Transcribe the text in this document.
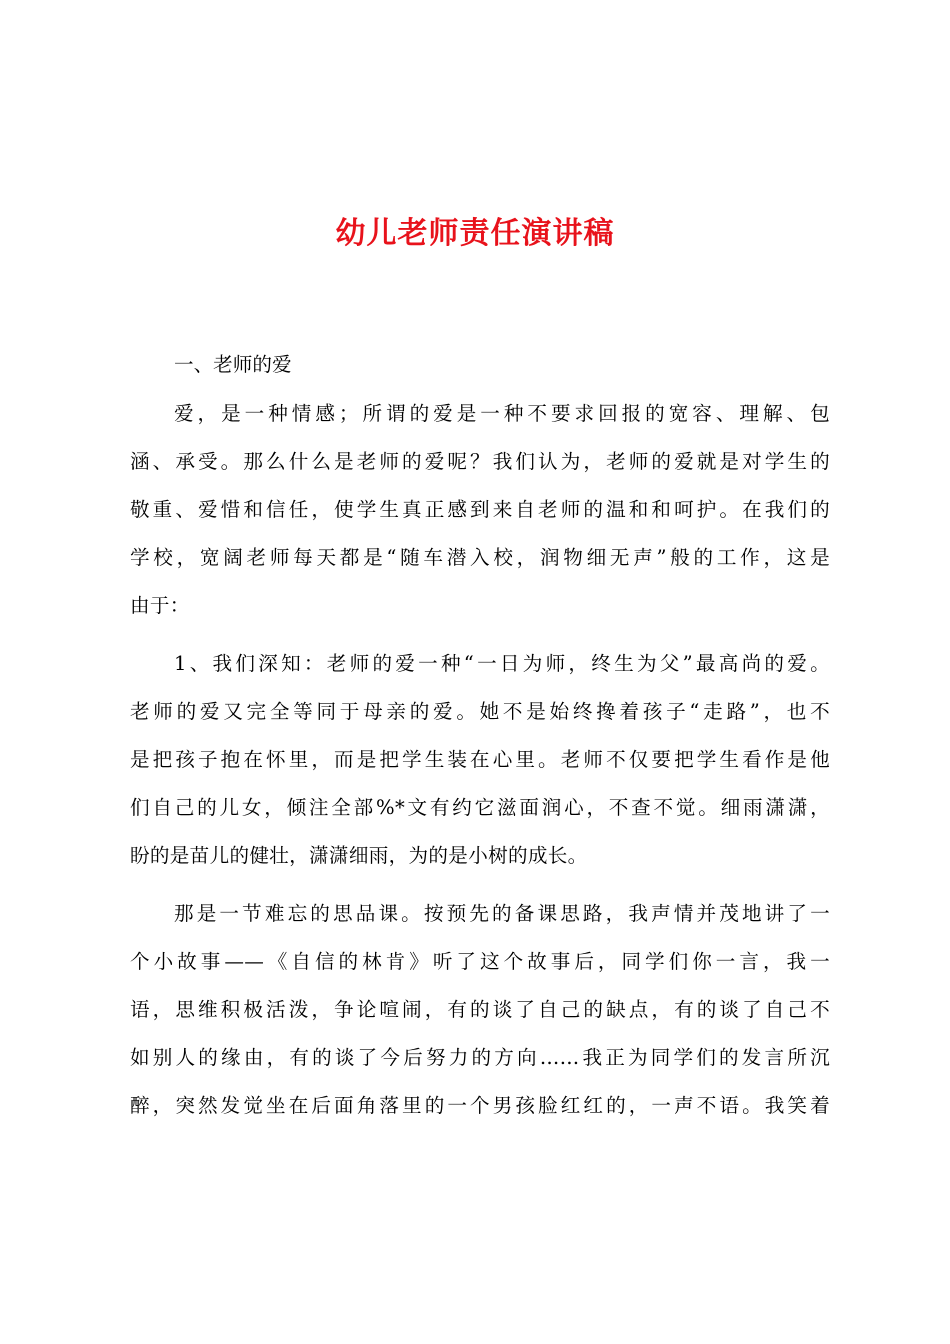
幼儿老师责任演讲稿
一、老师的爱
爱，是一种情感；所谓的爱是一种不要求回报的宽容、理解、包
涵、承受。那么什么是老师的爱呢？我们认为，老师的爱就是对学生的
敬重、爱惜和信任，使学生真正感到来自老师的温和和呵护。在我们的
学校，宽阔老师每天都是“随车潜入校，润物细无声”般的工作，这是
由于：
1、我们深知：老师的爱一种“一日为师，终生为父”最高尚的爱。
老师的爱又完全等同于母亲的爱。她不是始终搀着孩子“走路”，也不
是把孩子抱在怀里，而是把学生装在心里。老师不仅要把学生看作是他
们自己的儿女，倾注全部%*文有约它滋面润心，不查不觉。细雨潇潇，
盼的是苗儿的健壮，潇潇细雨，为的是小树的成长。
那是一节难忘的思品课。按预先的备课思路，我声情并茂地讲了一
个小故事——《自信的林肯》听了这个故事后，同学们你一言，我一
语，思维积极活泼，争论喧闹，有的谈了自己的缺点，有的谈了自己不
如别人的缘由，有的谈了今后努力的方向……我正为同学们的发言所沉
醉，突然发觉坐在后面角落里的一个男孩脸红红的，一声不语。我笑着
